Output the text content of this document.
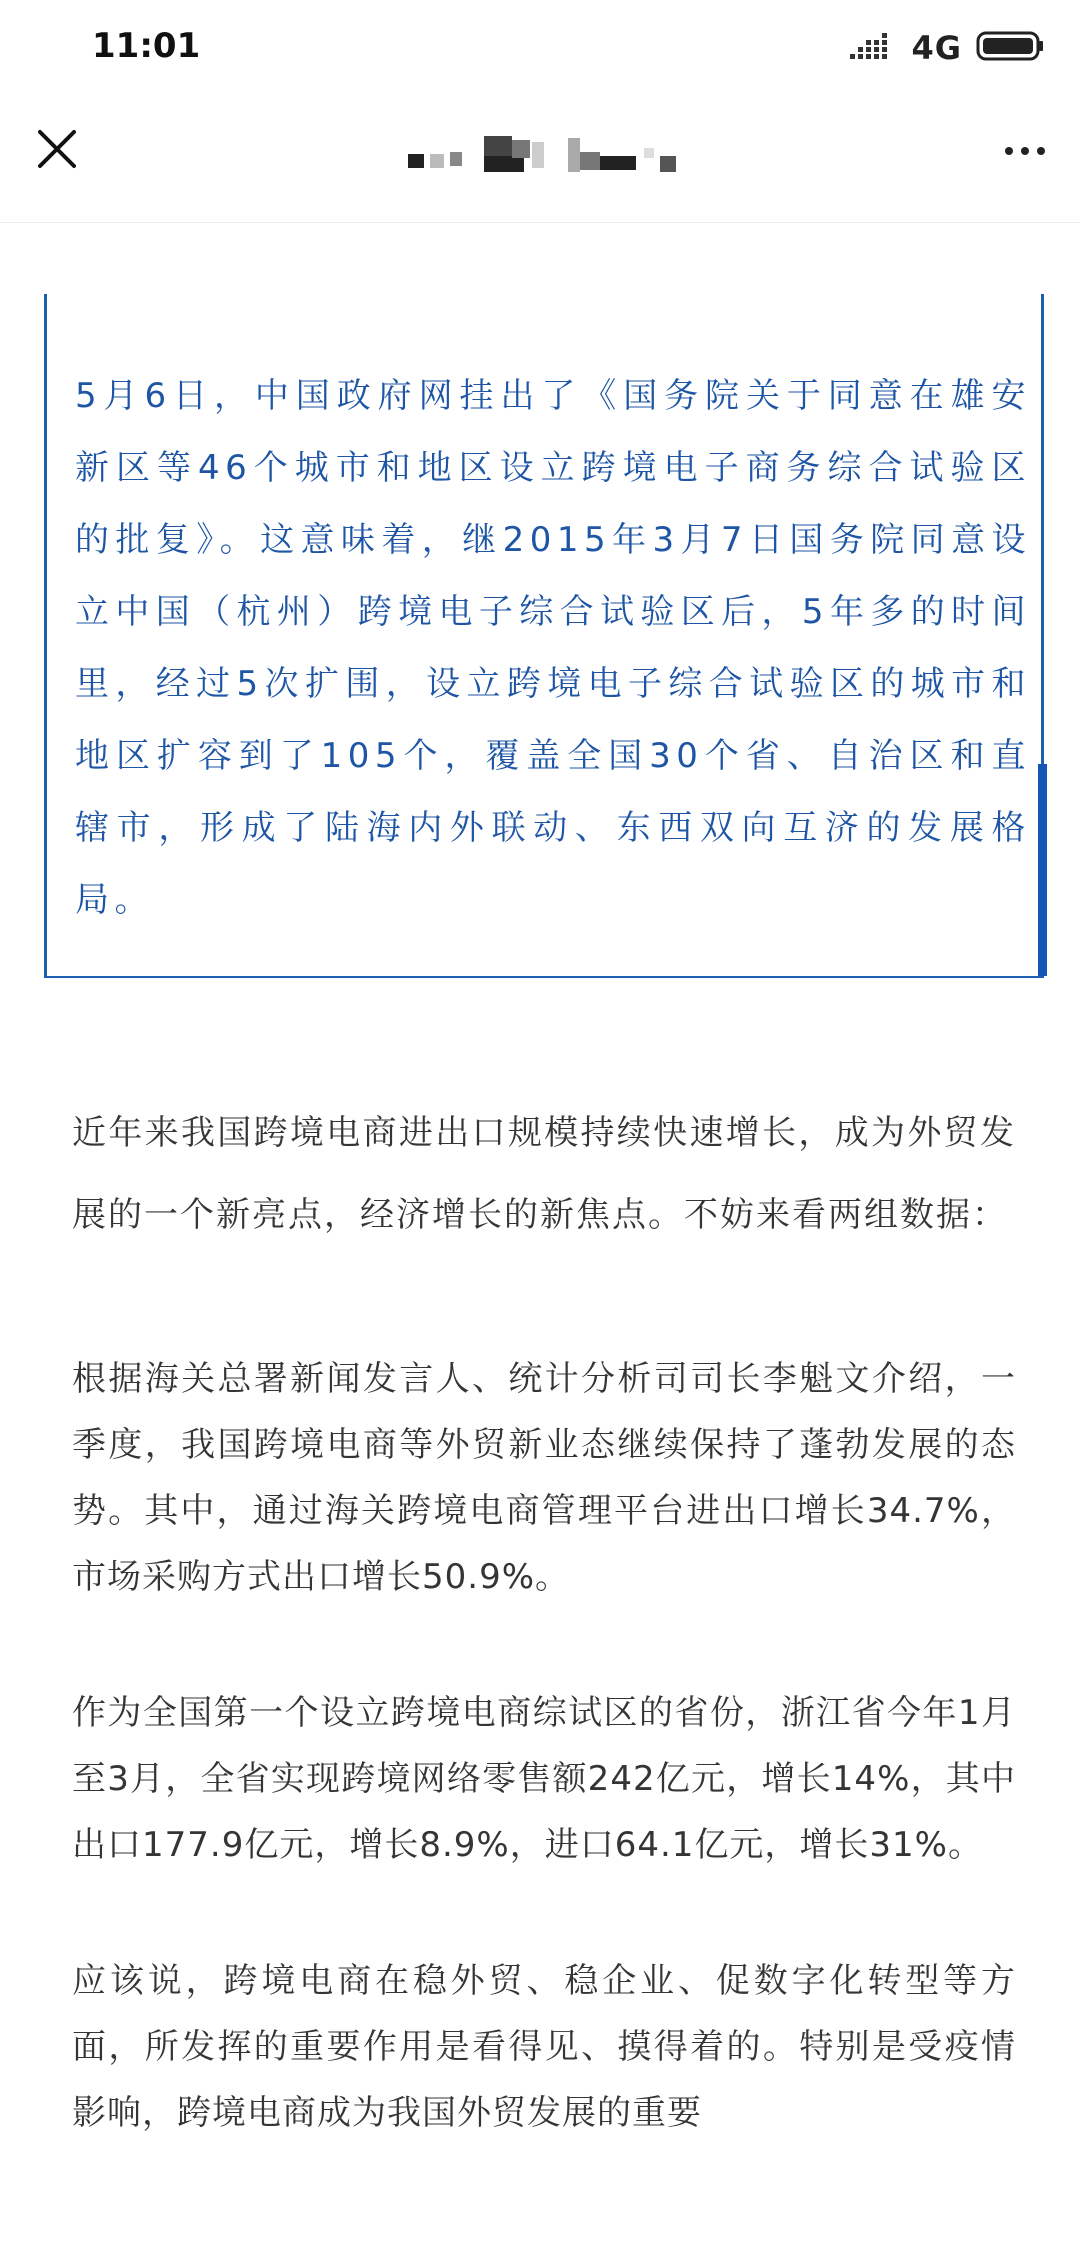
11:01	4G

5月6日，中国政府网挂出了《国务院关于同意在雄安新区等46个城市和地区设立跨境电子商务综合试验区的批复》。这意味着，继2015年3月7日国务院同意设立中国（杭州）跨境电子综合试验区后，5年多的时间里，经过5次扩围，设立跨境电子综合试验区的城市和地区扩容到了105个，覆盖全国30个省、自治区和直辖市，形成了陆海内外联动、东西双向互济的发展格局。

近年来我国跨境电商进出口规模持续快速增长，成为外贸发展的一个新亮点，经济增长的新焦点。不妨来看两组数据：

根据海关总署新闻发言人、统计分析司司长李魁文介绍，一季度，我国跨境电商等外贸新业态继续保持了蓬勃发展的态势。其中，通过海关跨境电商管理平台进出口增长34.7%，市场采购方式出口增长50.9%。

作为全国第一个设立跨境电商综试区的省份，浙江省今年1月至3月，全省实现跨境网络零售额242亿元，增长14%，其中出口177.9亿元，增长8.9%，进口64.1亿元，增长31%。

应该说，跨境电商在稳外贸、稳企业、促数字化转型等方面，所发挥的重要作用是看得见、摸得着的。特别是受疫情影响，跨境电商成为我国外贸发展的重要
